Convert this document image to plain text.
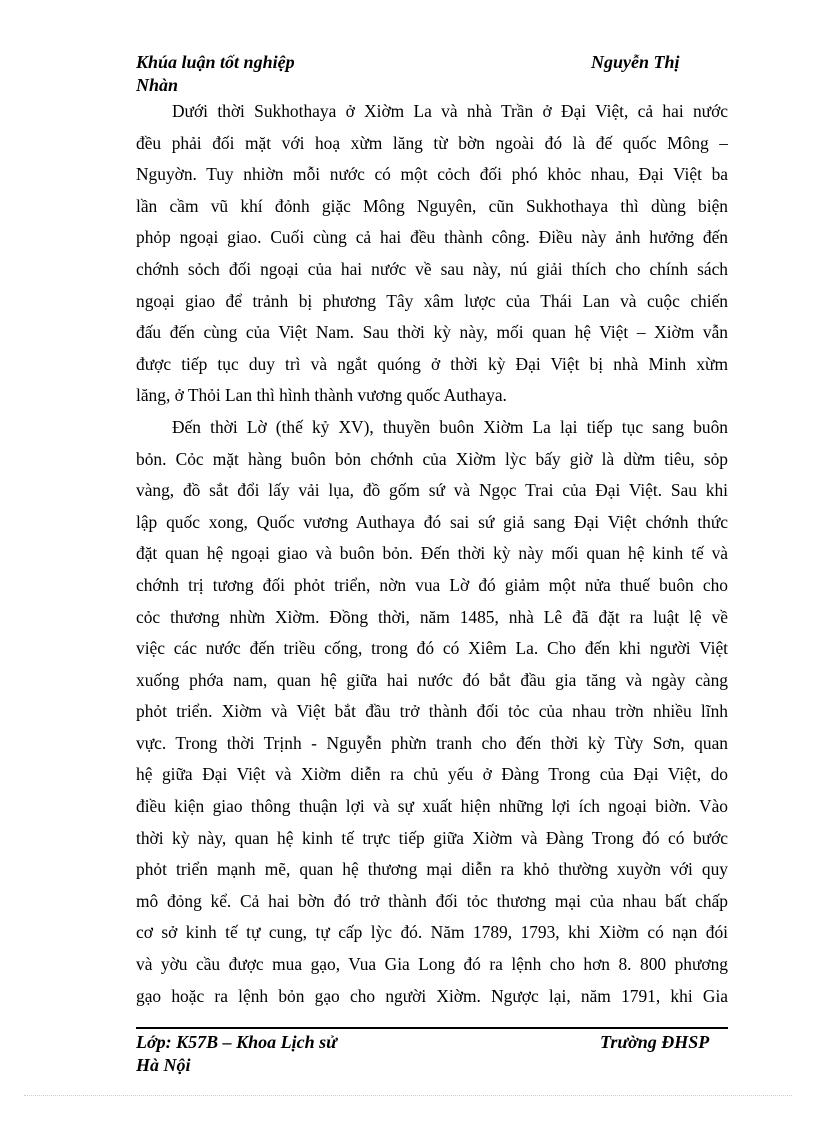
Khúa luận tốt nghiệp
Nhàn
Nguyễn Thị
Dưới thời Sukhothaya ở Xiờm La và nhà Trần ở Đại Việt, cả hai nước
đều phải đối mặt với hoạ xừm lăng từ bờn ngoài đó là đế quốc Mông –
Nguyờn. Tuy nhiờn mỗi nước có một cỏch đối phó khỏc nhau, Đại Việt ba
lần cầm vũ khí đỏnh giặc Mông Nguyên, cũn Sukhothaya thì dùng biện
phỏp ngoại giao. Cuối cùng cả hai đều thành công. Điều này ảnh hưởng đến
chớnh sỏch đối ngoại của hai nước về sau này, nú giải thích cho chính sách
ngoại giao để trảnh bị phương Tây xâm lược của Thái Lan và cuộc chiến
đấu đến cùng của Việt Nam. Sau thời kỳ này, mối quan hệ Việt – Xiờm vẫn
được tiếp tục duy trì và ngắt quóng ở thời kỳ Đại Việt bị nhà Minh xừm
lăng, ở Thỏi Lan thì hình thành vương quốc Authaya.
Đến thời Lờ (thế kỷ XV), thuyền buôn Xiờm La lại tiếp tục sang buôn
bỏn. Cỏc mặt hàng buôn bỏn chớnh của Xiờm lỳc bấy giờ là dừm tiêu, sỏp
vàng, đồ sắt đổi lấy vải lụa, đồ gốm sứ và Ngọc Trai của Đại Việt. Sau khi
lập quốc xong, Quốc vương Authaya đó sai sứ giả sang Đại Việt chớnh thức
đặt quan hệ ngoại giao và buôn bỏn. Đến thời kỳ này mối quan hệ kinh tế và
chớnh trị tương đối phỏt triển, nờn vua Lờ đó giảm một nửa thuế buôn cho
cỏc thương nhừn Xiờm. Đồng thời, năm 1485, nhà Lê đã đặt ra luật lệ về
việc các nước đến triều cống, trong đó có Xiêm La. Cho đến khi người Việt
xuống phớa nam, quan hệ giữa hai nước đó bắt đầu gia tăng và ngày càng
phỏt triển. Xiờm và Việt bắt đầu trở thành đối tỏc của nhau trờn nhiều lĩnh
vực. Trong thời Trịnh - Nguyễn phừn tranh cho đến thời kỳ Từy Sơn, quan
hệ giữa Đại Việt và Xiờm diễn ra chủ yếu ở Đàng Trong của Đại Việt, do
điều kiện giao thông thuận lợi và sự xuất hiện những lợi ích ngoại biờn. Vào
thời kỳ này, quan hệ kinh tế trực tiếp giữa Xiờm và Đàng Trong đó có bước
phỏt triển mạnh mẽ, quan hệ thương mại diễn ra khỏ thường xuyờn với quy
mô đỏng kể. Cả hai bờn đó trở thành đối tỏc thương mại của nhau bất chấp
cơ sở kinh tế tự cung, tự cấp lỳc đó. Năm 1789, 1793, khi Xiờm có nạn đói
và yờu cầu được mua gạo, Vua Gia Long đó ra lệnh cho hơn 8. 800 phương
gạo hoặc ra lệnh bỏn gạo cho người Xiờm. Ngược lại, năm 1791, khi Gia
Lớp: K57B – Khoa Lịch sử
Hà Nội
Trường ĐHSP
